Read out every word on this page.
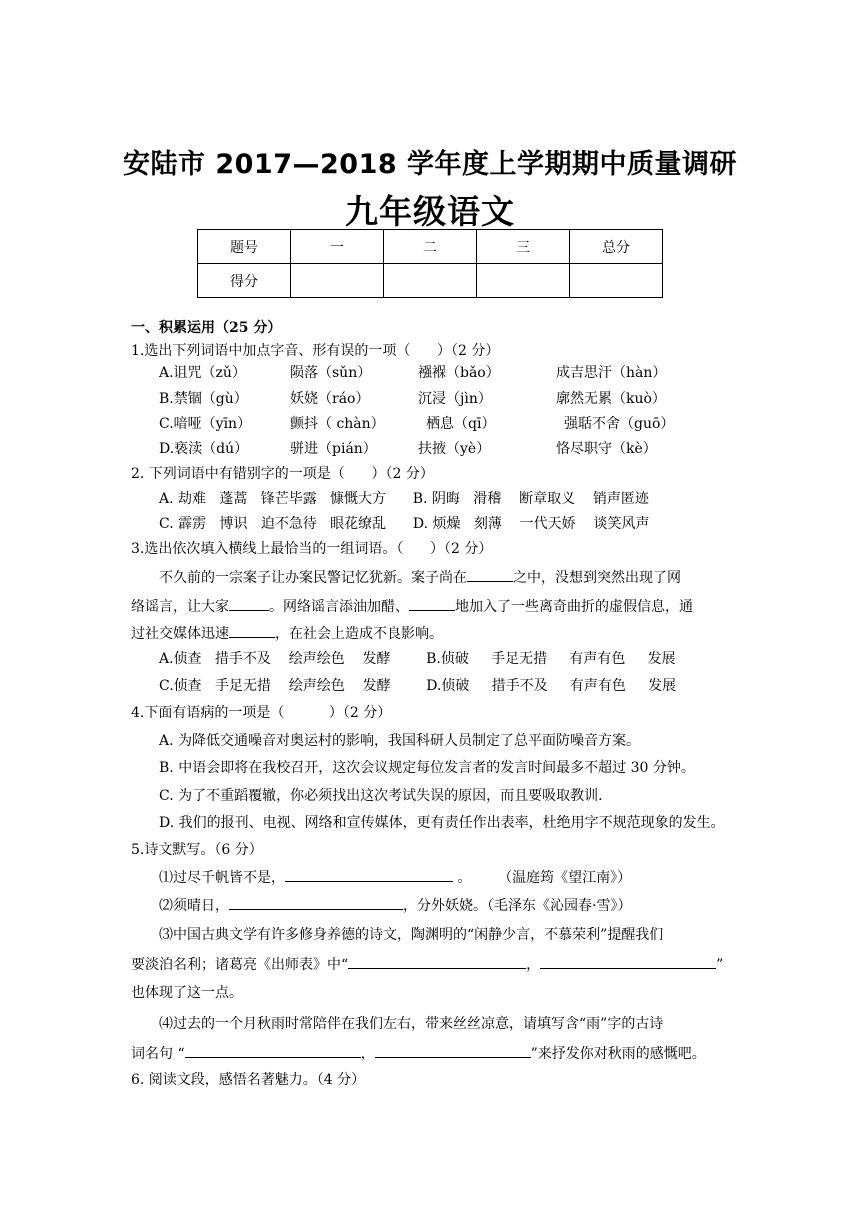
安陆市 2017—2018 学年度上学期期中质量调研
九年级语文
题号	一	二	三	总分
得分				
一、积累运用（25 分）
1.选出下列词语中加点字音、形有误的一项（      ）（2 分）
A.诅咒（zǔ）	陨落（sǔn）	襁褓（bǎo）	成吉思汗（hàn）
B.禁锢（gù）	妖娆（ráo）	沉浸（jìn）	廓然无累（kuò）
C.喑哑（yīn）	颤抖（ chàn）	栖息（qī）	强聒不舍（guō）
D.亵渎（dú）	骈进（pián）	扶掖（yè）	恪尽职守（kè）
2. 下列词语中有错别字的一项是（      ）（2 分）
A. 劫难   蓬蒿   锋芒毕露   慷慨大方      B. 阴晦   滑稽    断章取义    销声匿迹
C. 霹雳   博识   迫不急待   眼花缭乱      D. 烦燥   刻薄    一代天娇    谈笑风声
3.选出依次填入横线上最恰当的一组词语。（      ）（2 分）
不久前的一宗案子让办案民警记忆犹新。案子尚在	之中，没想到突然出现了网
络谣言，让大家	。网络谣言添油加醋、	地加入了一些离奇曲折的虚假信息，通
过社交媒体迅速	，在社会上造成不良影响。
A.侦查   措手不及    绘声绘色    发酵        B.侦破     手足无措     有声有色     发展
C.侦查   手足无措    绘声绘色    发酵        D.侦破     措手不及     有声有色     发展
4.下面有语病的一项是（          ）（2 分）
A. 为降低交通噪音对奥运村的影响，我国科研人员制定了总平面防噪音方案。
B. 中语会即将在我校召开，这次会议规定每位发言者的发言时间最多不超过 30 分钟。
C. 为了不重蹈覆辙，你必须找出这次考试失误的原因，而且要吸取教训.
D. 我们的报刊、电视、网络和宣传媒体，更有责任作出表率，杜绝用字不规范现象的发生。
5.诗文默写。（6 分）
⑴过尽千帆皆不是，	。      （温庭筠《望江南》）
⑵须晴日，	，分外妖娆。（毛泽东《沁园春·雪》）
⑶中国古典文学有许多修身养德的诗文，陶渊明的“闲静少言，不慕荣利”提醒我们
要淡泊名利；诸葛亮《出师表》中“	，	”
也体现了这一点。
⑷过去的一个月秋雨时常陪伴在我们左右，带来丝丝凉意，请填写含“雨”字的古诗
词名句 “	，	”来抒发你对秋雨的感慨吧。
6. 阅读文段，感悟名著魅力。（4 分）
